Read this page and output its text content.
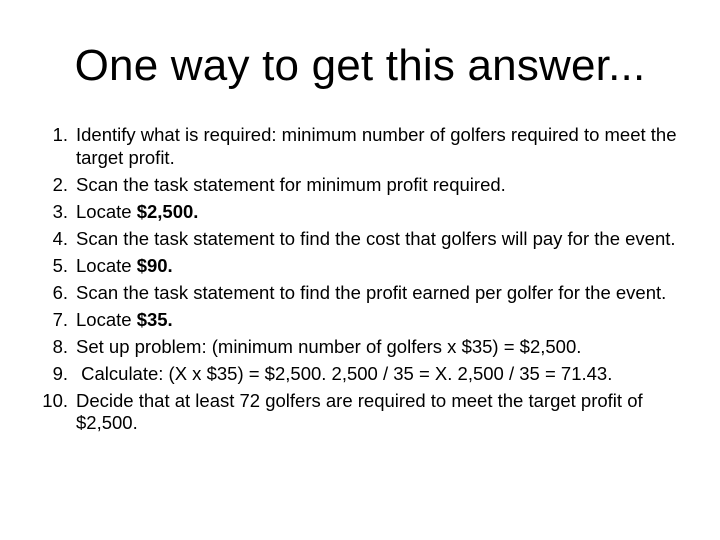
One way to get this answer...
1. Identify what is required: minimum number of golfers required to meet the target profit.
2. Scan the task statement for minimum profit required.
3. Locate $2,500.
4. Scan the task statement to find the cost that golfers will pay for the event.
5. Locate $90.
6. Scan the task statement to find the profit earned per golfer for the event.
7. Locate $35.
8. Set up problem: (minimum number of golfers x $35) = $2,500.
9. Calculate: (X x $35) = $2,500. 2,500 / 35 = X. 2,500 / 35 = 71.43.
10. Decide that at least 72 golfers are required to meet the target profit of $2,500.
